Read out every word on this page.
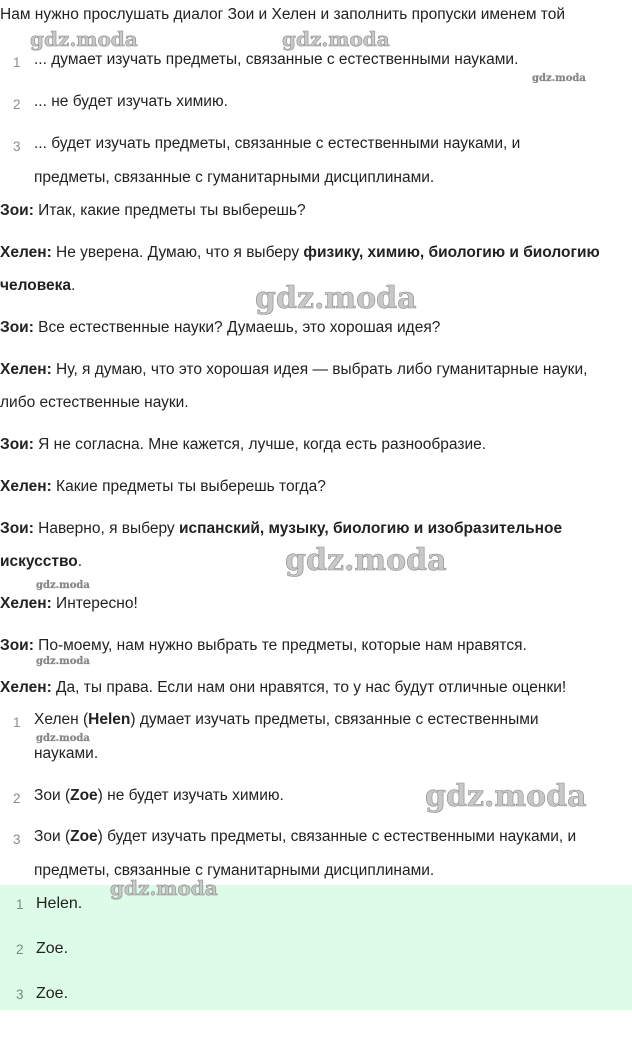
Нам нужно прослушать диалог Зои и Хелен и заполнить пропуски именем той
1 ... думает изучать предметы, связанные с естественными науками.
2 ... не будет изучать химию.
3 ... будет изучать предметы, связанные с естественными науками, и
предметы, связанные с гуманитарными дисциплинами.
Зои: Итак, какие предметы ты выберешь?
Хелен: Не уверена. Думаю, что я выберу физику, химию, биологию и биологию
человека.
Зои: Все естественные науки? Думаешь, это хорошая идея?
Хелен: Ну, я думаю, что это хорошая идея — выбрать либо гуманитарные науки,
либо естественные науки.
Зои: Я не согласна. Мне кажется, лучше, когда есть разнообразие.
Хелен: Какие предметы ты выберешь тогда?
Зои: Наверно, я выберу испанский, музыку, биологию и изобразительное
искусство.
Хелен: Интересно!
Зои: По-моему, нам нужно выбрать те предметы, которые нам нравятся.
Хелен: Да, ты права. Если нам они нравятся, то у нас будут отличные оценки!
1 Хелен (Helen) думает изучать предметы, связанные с естественными
науками.
2 Зои (Zoe) не будет изучать химию.
3 Зои (Zoe) будет изучать предметы, связанные с естественными науками, и
предметы, связанные с гуманитарными дисциплинами.
1 Helen.
2 Zoe.
3 Zoe.
gdz.moda	gdz.moda
gdz.moda
gdz.moda
gdz.moda
gdz.moda
gdz.moda
gdz.moda
gdz.moda
gdz.moda
